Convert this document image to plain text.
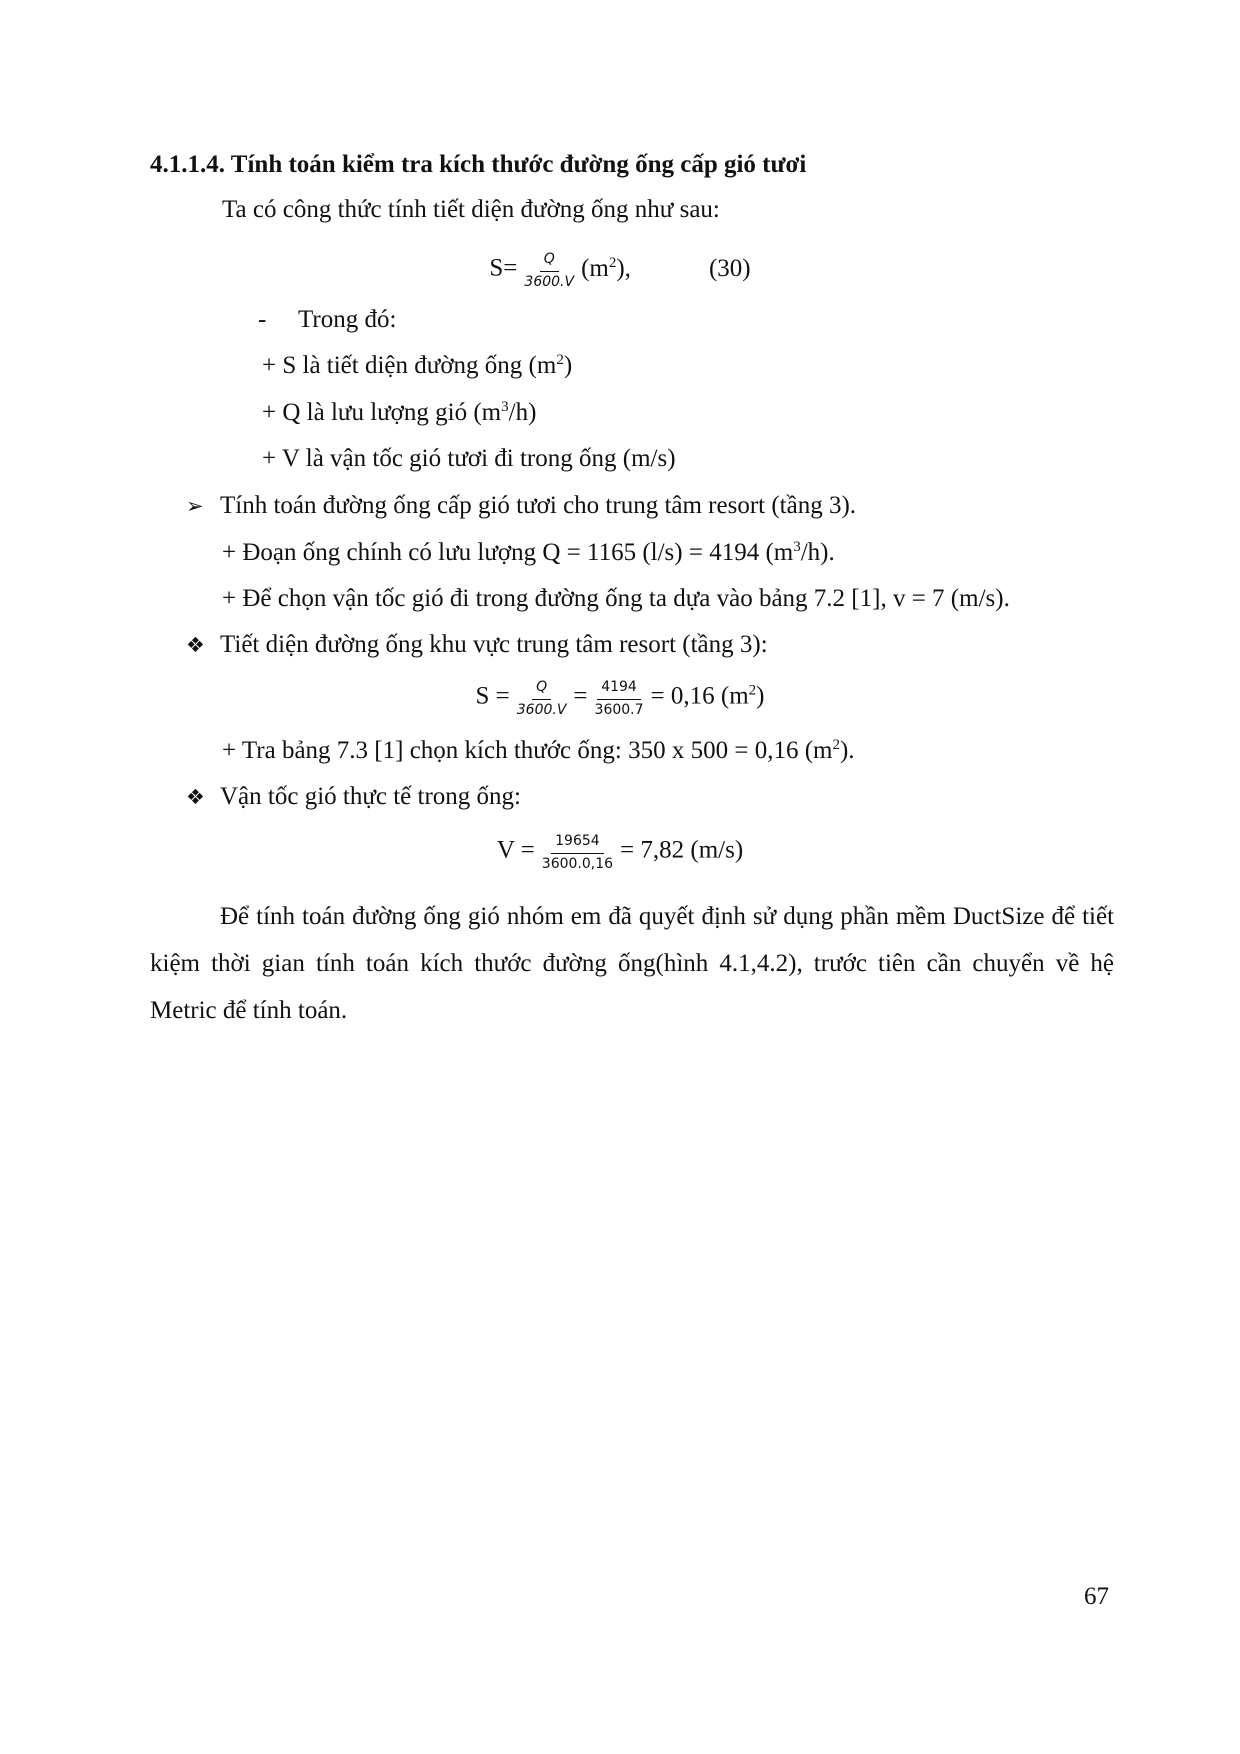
4.1.1.4. Tính toán kiểm tra kích thước đường ống cấp gió tươi
Ta có công thức tính tiết diện đường ống như sau:
$S= \frac{Q}{3600.V} (m^2)$,	(30)
- Trong đó:
+ S là tiết diện đường ống $(m^2)$
+ Q là lưu lượng gió $(m^3/h)$
+ V là vận tốc gió tươi đi trong ống (m/s)
➢ Tính toán đường ống cấp gió tươi cho trung tâm resort (tầng 3).
+ Đoạn ống chính có lưu lượng Q = 1165 (l/s) = 4194 $(m^3/h)$.
+ Để chọn vận tốc gió đi trong đường ống ta dựa vào bảng 7.2 [1], v = 7 (m/s).
❖ Tiết diện đường ống khu vực trung tâm resort (tầng 3):
$S = \frac{Q}{3600.V} = \frac{4194}{3600.7} = 0,16$ $(m^2)$
+ Tra bảng 7.3 [1] chọn kích thước ống: 350 x 500 = 0,16 $(m^2)$.
❖ Vận tốc gió thực tế trong ống:
$V = \frac{19654}{3600.0,16} = 7,82$ (m/s)
Để tính toán đường ống gió nhóm em đã quyết định sử dụng phần mềm DuctSize để tiết kiệm thời gian tính toán kích thước đường ống(hình 4.1,4.2), trước tiên cần chuyển về hệ Metric để tính toán.
67
